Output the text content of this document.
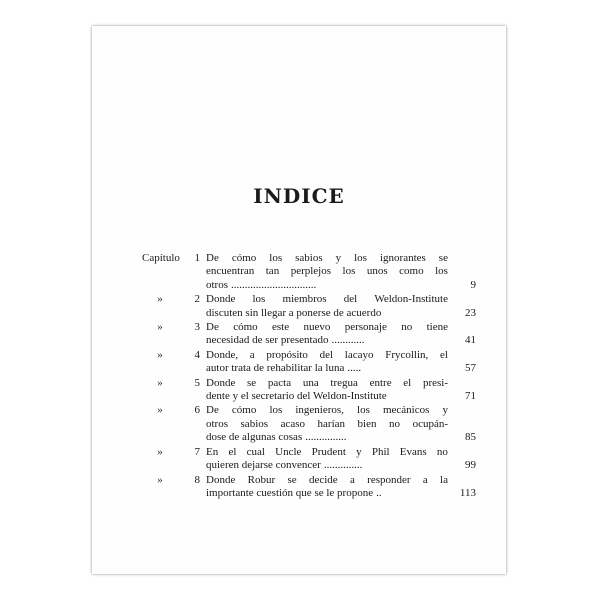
INDICE
Capítulo	1 De cómo los sabios y los ignorantes se
encuentran tan perplejos los unos como los
otros ...............................	9
»	2 Donde los miembros del Weldon-Institute
discuten sin llegar a ponerse de acuerdo	23
»	3 De cómo este nuevo personaje no tiene
necesidad de ser presentado ............	41
»	4 Donde, a propósito del lacayo Frycollin, el
autor trata de rehabilitar la luna .....	57
»	5 Donde se pacta una tregua entre el presi-
dente y el secretario del Weldon-Institute	71
»	6 De cómo los ingenieros, los mecánicos y
otros sabios acaso harían bien no ocupán-
dose de algunas cosas ...............	85
»	7 En el cual Uncle Prudent y Phil Evans no
quieren dejarse convencer ..............	99
»	8 Donde Robur se decide a responder a la
importante cuestión que se le propone ..	113
